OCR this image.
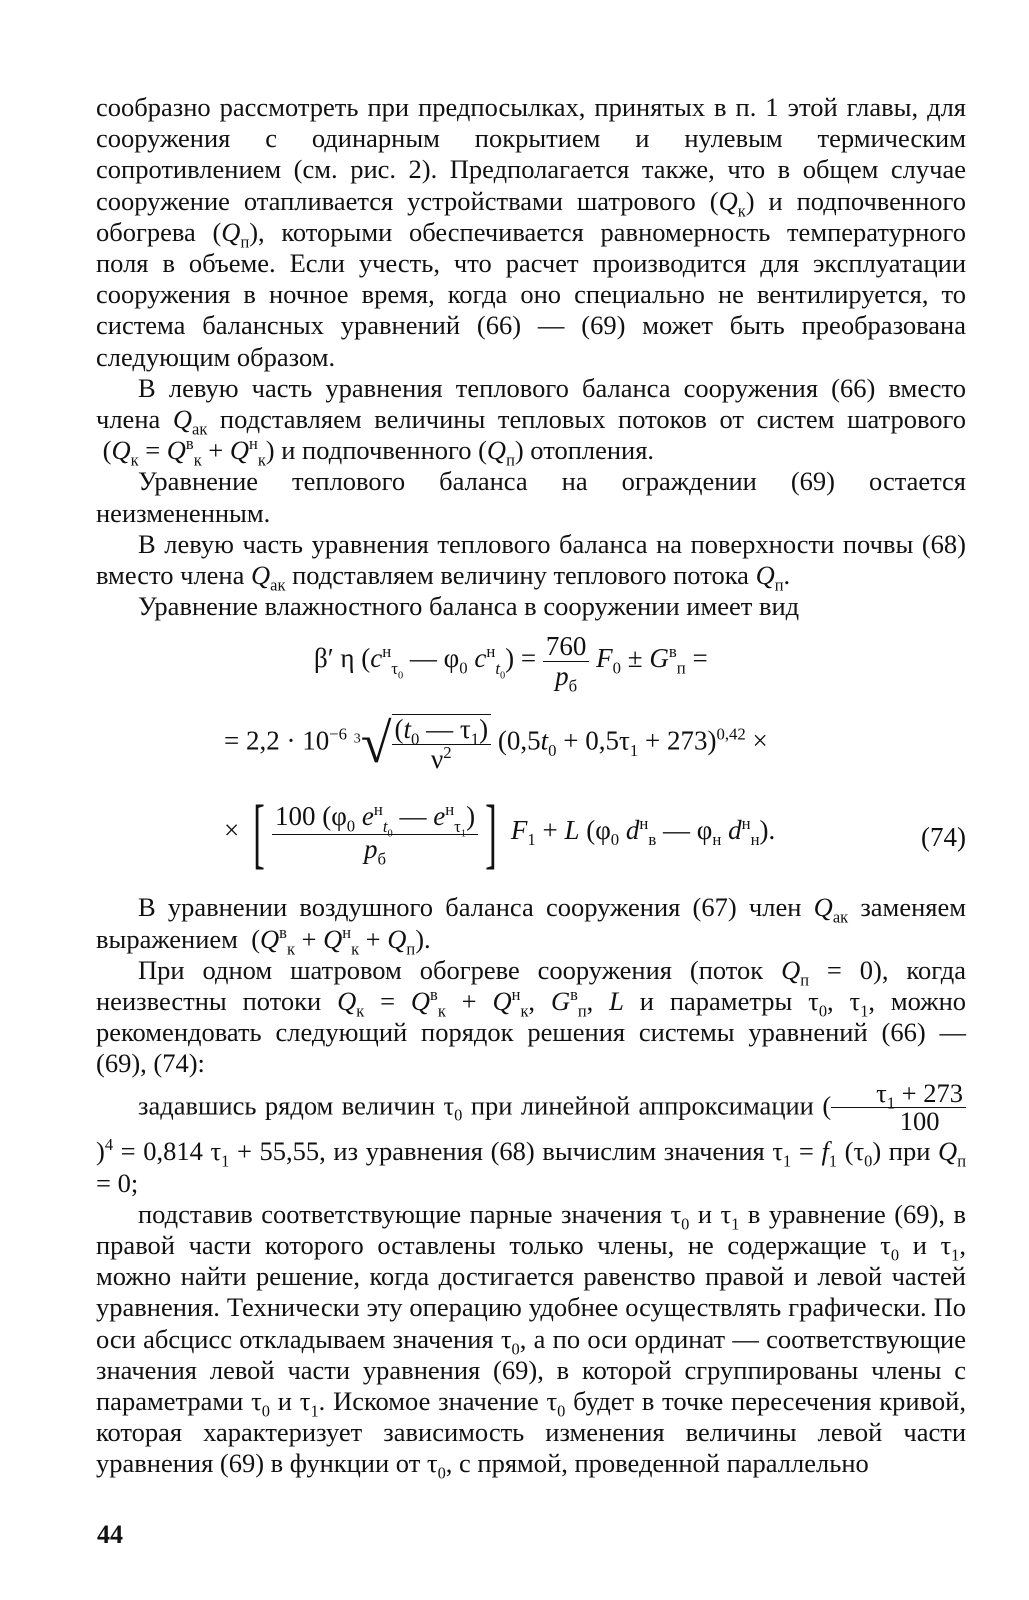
сообразно рассмотреть при предпосылках, принятых в п. 1 этой главы, для сооружения с одинарным покрытием и нулевым термическим сопротивлением (см. рис. 2). Предполагается также, что в общем случае сооружение отапливается устройствами шатрового $(Q_к)$ и подпочвенного обогрева $(Q_п)$, которыми обеспечивается равномерность температурного поля в объеме. Если учесть, что расчет производится для эксплуатации сооружения в ночное время, когда оно специально не вентилируется, то система балансных уравнений (66) — (69) может быть преобразована следующим образом.

В левую часть уравнения теплового баланса сооружения (66) вместо члена $Q_{ак}$ подставляем величины тепловых потоков от систем шатрового  $(Q_к = Q^в_к + Q^н_к)$ и подпочвенного $(Q_п)$ отопления.

Уравнение теплового баланса на ограждении (69) остается неизмененным.

В левую часть уравнения теплового баланса на поверхности почвы (68) вместо члена $Q_{ак}$ подставляем величину теплового потока $Q_п$.

Уравнение влажностного баланса в сооружении имеет вид

β′ η ($c^н_{\tau_0}$ — $\varphi_0$ $c^н_{t_0}) = \frac{760}{p_б} F_0 \pm G^в_п$ =
= $2,2 \cdot 10^{-6}$ $^3√ \frac{(t_0 — \tau_1)}{\nu^2} (0,5t_0 + 0,5\tau_1 + 273)^{0,42}$ ×
× [ $\frac{100 (\varphi_0 e^н_{t_0} — e^н_{\tau_1})}{p_б}$ ] $F_1 + L$ ($\varphi_0$ $d^н_в$ — $\varphi_н$ $d^н_н$).	(74)

В уравнении воздушного баланса сооружения (67) член $Q_{ак}$ заменяем выражением  $(Q^в_к + Q^н_к + Q_п)$.

При одном шатровом обогреве сооружения (поток $Q_п = 0$), когда неизвестны потоки $Q_к = Q^в_к + Q^н_к$, $G^в_п$, L и параметры $\tau_0$, $\tau_1$, можно рекомендовать следующий порядок решения системы уравнений (66) — (69), (74):

задавшись рядом величин $\tau_0$ при линейной аппроксимации ( $\frac{\tau_1 + 273}{100}$
)$^4$ = 0,814 $\tau_1 + 55,55$, из уравнения (68) вычислим значения $\tau_1 = f_1$ $(\tau_0)$ при $Q_п = 0$;

подставив соответствующие парные значения $\tau_0$ и $\tau_1$ в уравнение (69), в правой части которого оставлены только члены, не содержащие $\tau_0$ и $\tau_1$, можно найти решение, когда достигается равенство правой и левой частей уравнения. Технически эту операцию удобнее осуществлять графически. По оси абсцисс откладываем значения $\tau_0$, а по оси ординат — соответствующие значения левой части уравнения (69), в которой сгруппированы члены с параметрами $\tau_0$ и $\tau_1$. Искомое значение $\tau_0$ будет в точке пересечения кривой, которая характеризует зависимость изменения величины левой части уравнения (69) в функции от $\tau_0$, с прямой, проведенной параллельно

44
